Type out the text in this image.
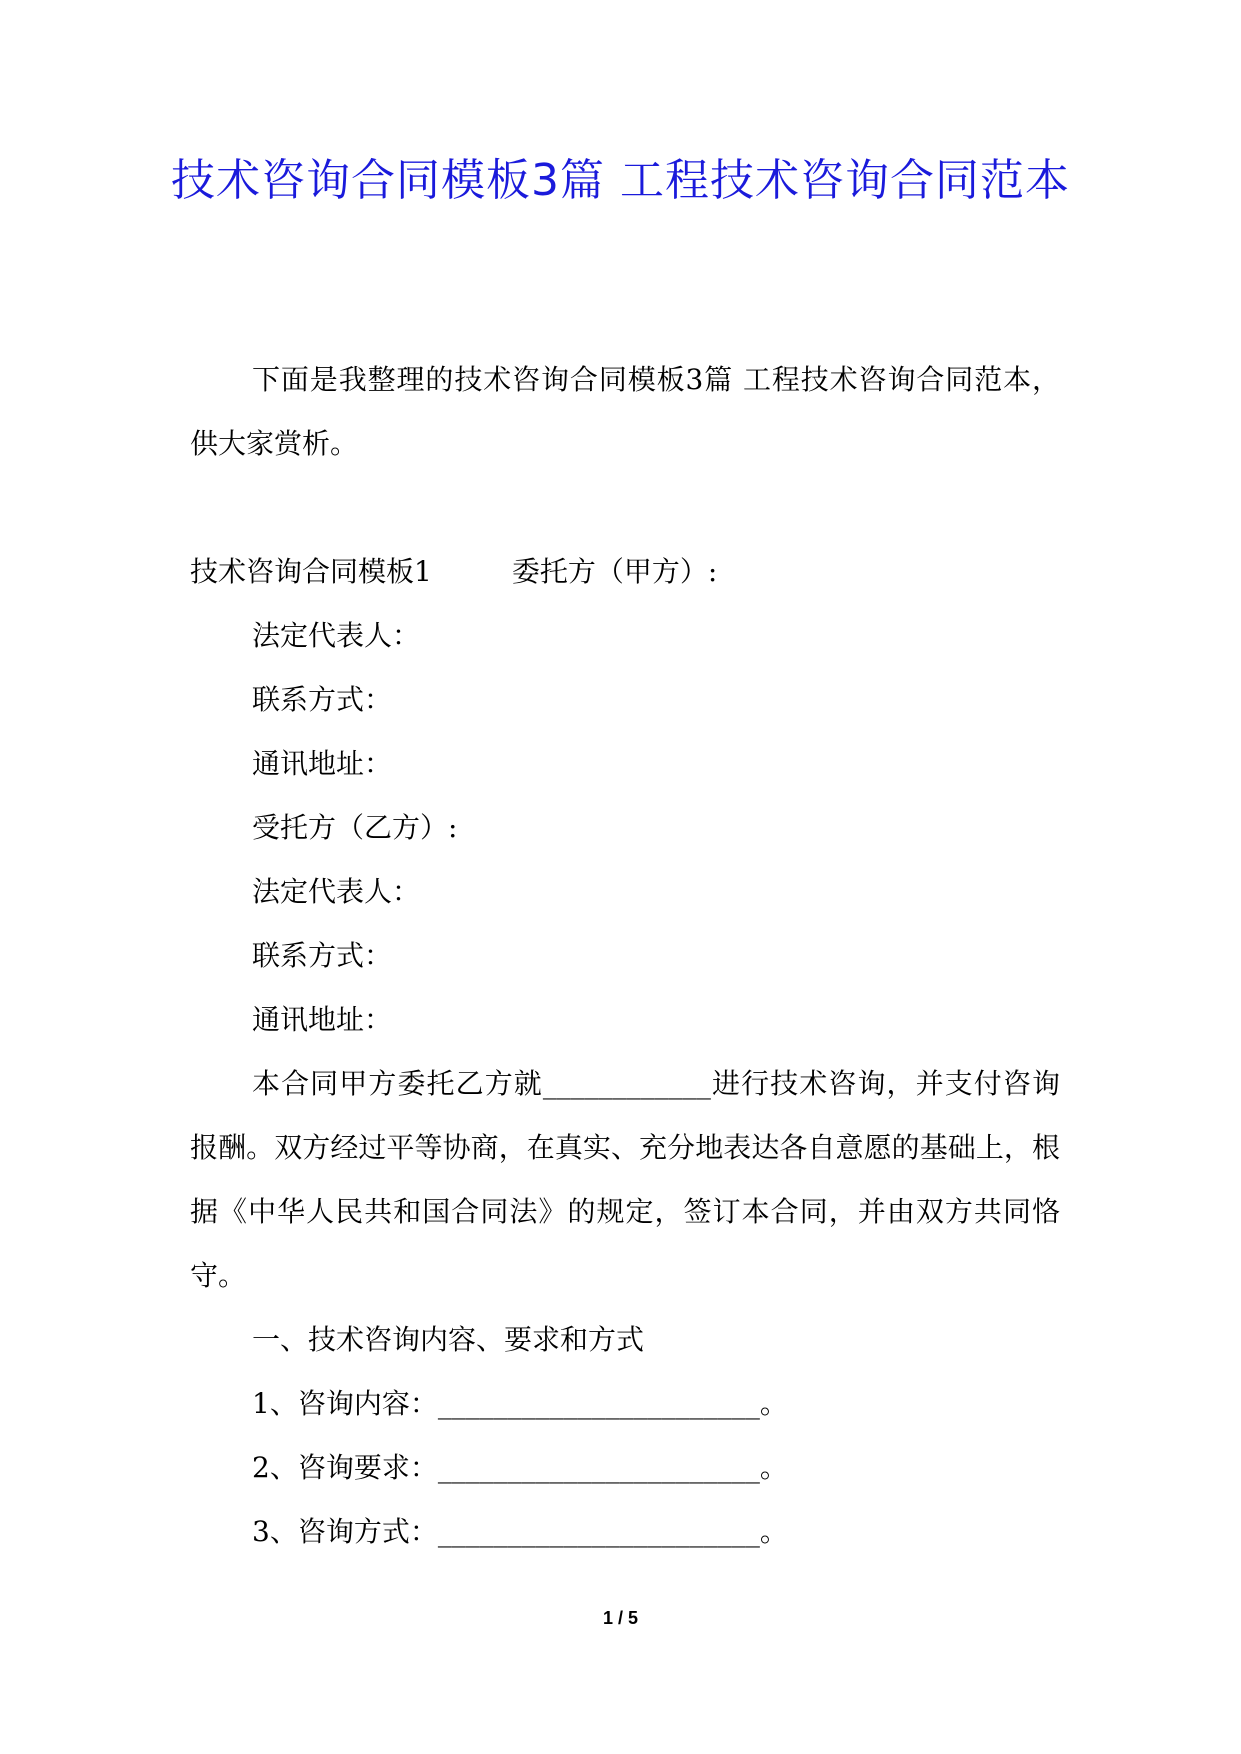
技术咨询合同模板3篇 工程技术咨询合同范本

下面是我整理的技术咨询合同模板3篇 工程技术咨询合同范本，供大家赏析。

技术咨询合同模板1	委托方（甲方）:

法定代表人：

联系方式：

通讯地址：

受托方（乙方）:

法定代表人：

联系方式：

通讯地址：

本合同甲方委托乙方就____________进行技术咨询，并支付咨询报酬。双方经过平等协商，在真实、充分地表达各自意愿的基础上，根据《中华人民共和国合同法》的规定，签订本合同，并由双方共同恪守。

一、技术咨询内容、要求和方式

1、咨询内容：_______________________。

2、咨询要求：_______________________。

3、咨询方式：_______________________。

1 / 5
